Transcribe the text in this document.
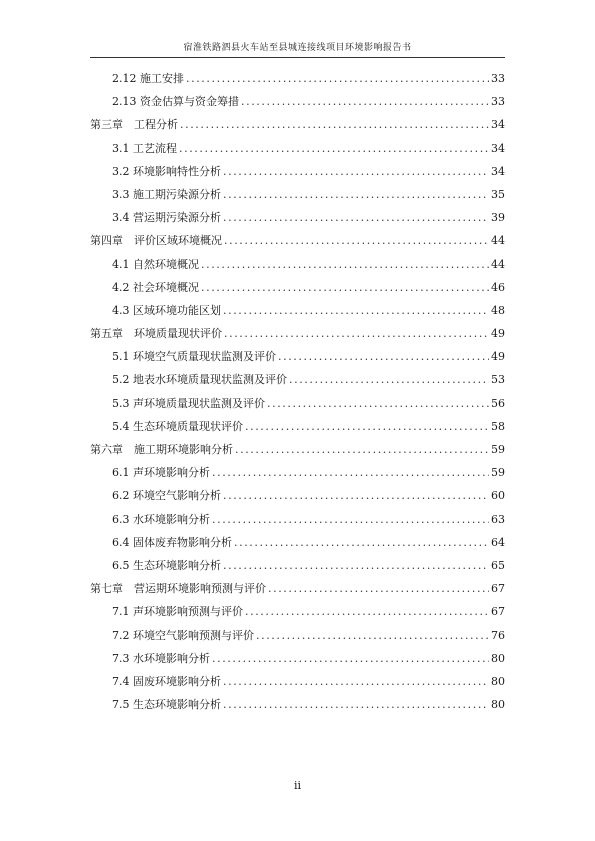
宿淮铁路泗县火车站至县城连接线项目环境影响报告书
2.12 施工安排 .....	33
2.13 资金估算与资金筹措 .....	33
第三章　工程分析 .....	34
3.1 工艺流程 .....	34
3.2 环境影响特性分析 .....	34
3.3 施工期污染源分析 .....	35
3.4 营运期污染源分析 .....	39
第四章　评价区域环境概况 .....	44
4.1 自然环境概况 .....	44
4.2 社会环境概况 .....	46
4.3 区域环境功能区划 .....	48
第五章　环境质量现状评价 .....	49
5.1 环境空气质量现状监测及评价 .....	49
5.2 地表水环境质量现状监测及评价 .....	53
5.3 声环境质量现状监测及评价 .....	56
5.4 生态环境质量现状评价 .....	58
第六章　施工期环境影响分析 .....	59
6.1 声环境影响分析 .....	59
6.2 环境空气影响分析 .....	60
6.3 水环境影响分析 .....	63
6.4 固体废弃物影响分析 .....	64
6.5 生态环境影响分析 .....	65
第七章　营运期环境影响预测与评价 .....	67
7.1 声环境影响预测与评价 .....	67
7.2 环境空气影响预测与评价 .....	76
7.3 水环境影响分析 .....	80
7.4 固废环境影响分析 .....	80
7.5 生态环境影响分析 .....	80
ii
